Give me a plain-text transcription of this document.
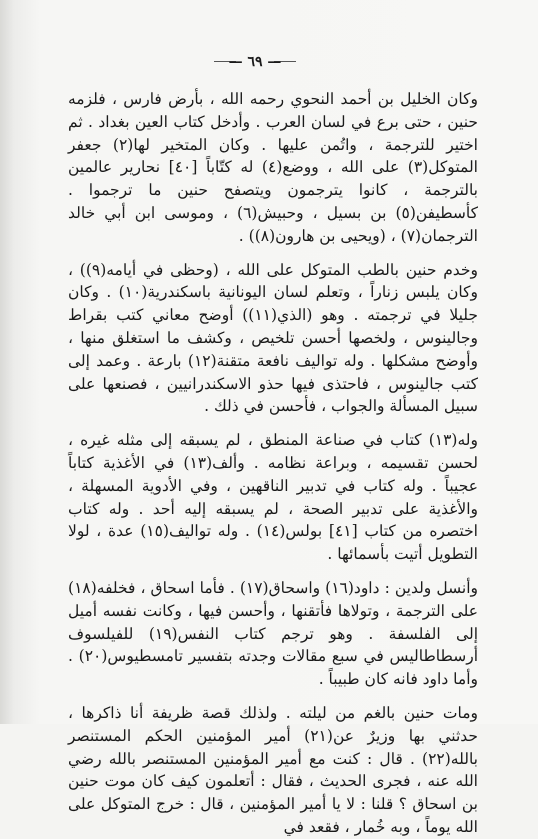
— ٦٩ —

وكان الخليل بن أحمد النحوي رحمه الله ، بأرض فارس ، فلزمه حنين ، حتى برع في لسان العرب . وأدخل كتاب العين بغداد . ثم اختير للترجمة ، واتُمن عليها . وكان المتخير لها(٢) جعفر المتوكل(٣) على الله ، ووضع(٤) له كتّاباً [٤٠] نحارير عالمين بالترجمة ، كانوا يترجمون ويتصفح حنين ما ترجموا . كأسطيفن(٥) بن بسيل ، وحبيش(٦) ، وموسى ابن أبي خالد الترجمان(٧) ، (ويحيى بن هارون(٨)) .

وخدم حنين بالطب المتوكل على الله ، (وحظى في أيامه(٩)) ، وكان يلبس زناراً ، وتعلم لسان اليونانية باسكندرية(١٠) . وكان جليلا في ترجمته . وهو (الذي(١١)) أوضح معاني كتب بقراط وجالينوس ، ولخصها أحسن تلخيص ، وكشف ما استغلق منها ، وأوضح مشكلها . وله تواليف نافعة متقنة(١٢) بارعة . وعمد إلى كتب جالينوس ، فاحتذى فيها حذو الاسكندرانيين ، فصنعها على سبيل المسألة والجواب ، فأحسن في ذلك .

وله(١٣) كتاب في صناعة المنطق ، لم يسبقه إلى مثله غيره ، لحسن تقسيمه ، وبراعة نظامه . وألف(١٣) في الأغذية كتاباً عجيباً . وله كتاب في تدبير الناقهين ، وفي الأدوية المسهلة ، والأغذية على تدبير الصحة ، لم يسبقه إليه أحد . وله كتاب اختصره من كتاب [٤١] بولس(١٤) . وله تواليف(١٥) عدة ، لولا التطويل أتيت بأسمائها .

وأنسل ولدين : داود(١٦) واسحاق(١٧) . فأما اسحاق ، فخلفه(١٨) على الترجمة ، وتولاها فأتقنها ، وأحسن فيها ، وكانت نفسه أميل إلى الفلسفة . وهو ترجم كتاب النفس(١٩) للفيلسوف أرسطاطاليس في سبع مقالات وجدته بتفسير تامسطيوس(٢٠) . وأما داود فانه كان طبيباً .

ومات حنين بالغم من ليلته . ولذلك قصة ظريفة أنا ذاكرها ، حدثني بها وزيرٌ عن(٢١) أمير المؤمنين الحكم المستنصر بالله(٢٢) . قال : كنت مع أمير المؤمنين المستنصر بالله رضي الله عنه ، فجرى الحديث ، فقال : أتعلمون كيف كان موت حنين بن اسحاق ؟ قلنا : لا يا أمير المؤمنين ، قال : خرج المتوكل على الله يوماً ، وبه خُمار ، فقعد في
